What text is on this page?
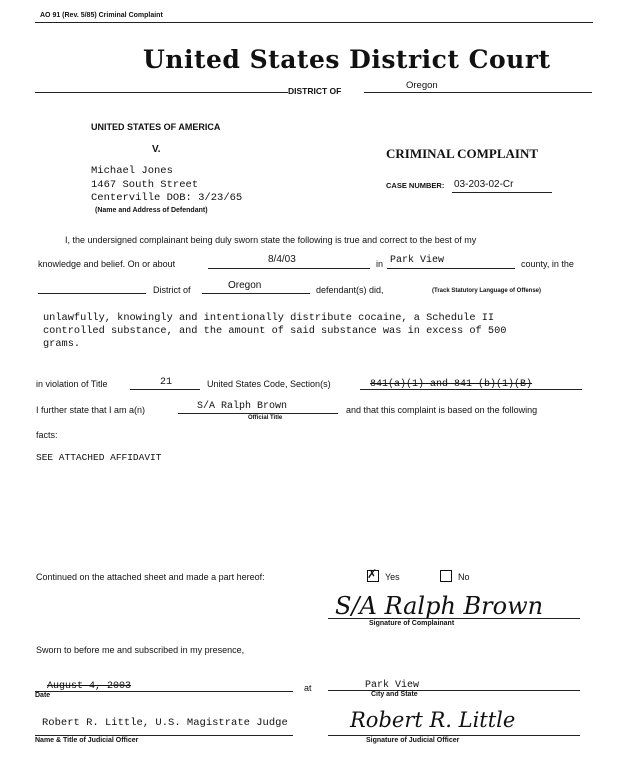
AO 91 (Rev. 5/85) Criminal Complaint
United States District Court
DISTRICT OF	Oregon
UNITED STATES OF AMERICA
V.	CRIMINAL COMPLAINT
Michael Jones
1467 South Street
Centerville DOB: 3/23/65
(Name and Address of Defendant)
CASE NUMBER: 03-203-02-Cr
I, the undersigned complainant being duly sworn state the following is true and correct to the best of my
knowledge and belief. On or about	8/4/03	in Park View	county, in the
District of	Oregon	defendant(s) did,	(Track Statutory Language of Offense)
unlawfully, knowingly and intentionally distribute cocaine, a Schedule II
controlled substance, and the amount of said substance was in excess of 500
grams.
in violation of Title	21	United States Code, Section(s)	841(a)(1) and 841 (b)(1)(B)
I further state that I am a(n)	S/A Ralph Brown
Official Title
and that this complaint is based on the following
facts:
SEE ATTACHED AFFIDAVIT
Continued on the attached sheet and made a part hereof:	✗ Yes	No
S/A Ralph Brown
Signature of Complainant
Sworn to before me and subscribed in my presence,
August 4, 2003
Date
at	Park View
City and State
Robert R. Little, U.S. Magistrate Judge
Name & Title of Judicial Officer
Robert R. Little
Signature of Judicial Officer
